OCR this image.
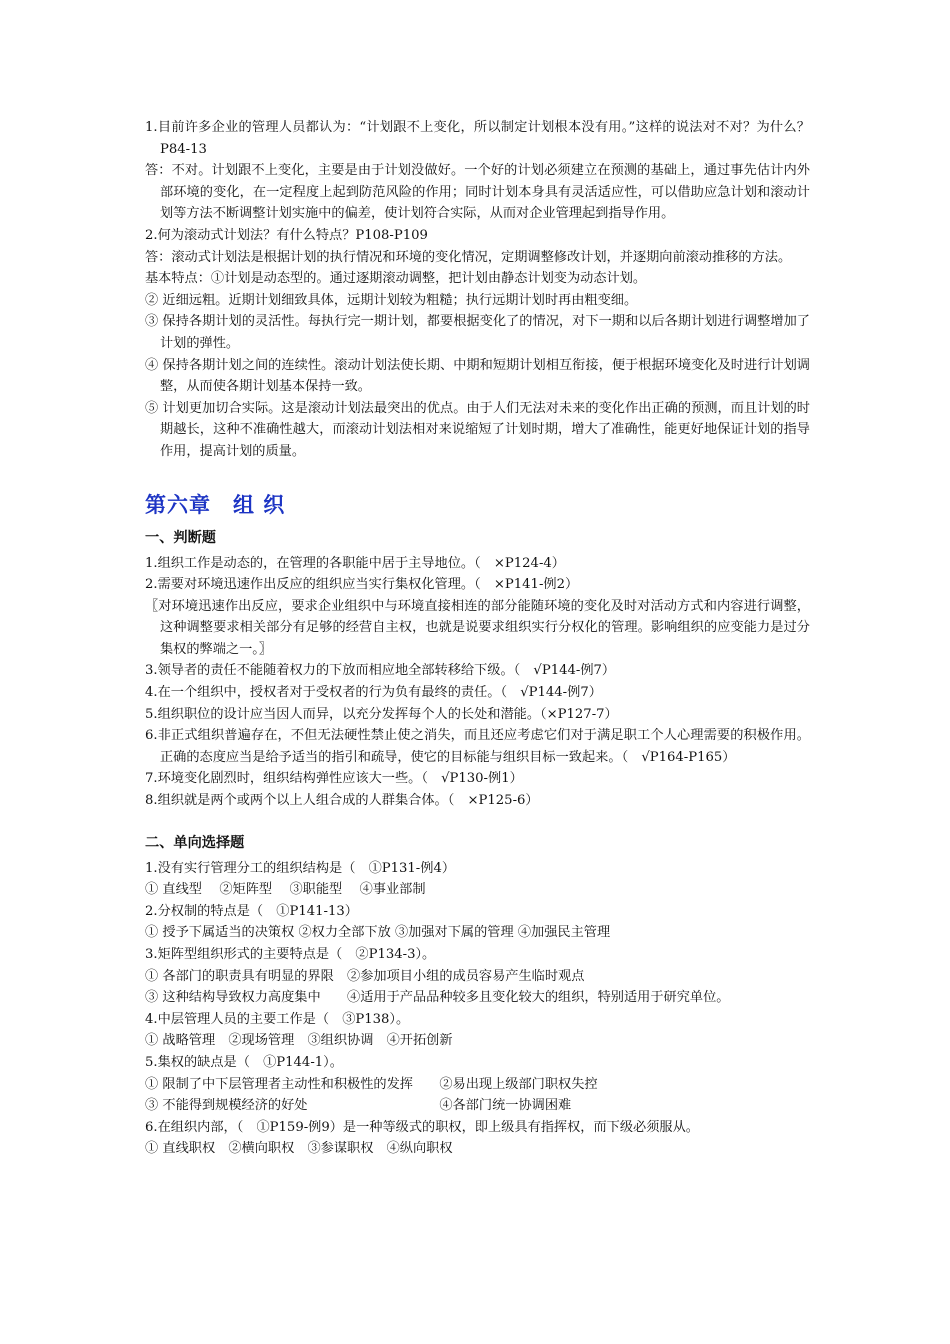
1.目前许多企业的管理人员都认为：“计划跟不上变化，所以制定计划根本没有用。”这样的说法对不对？为什么？P84-13

答：不对。计划跟不上变化，主要是由于计划没做好。一个好的计划必须建立在预测的基础上，通过事先估计内外部环境的变化，在一定程度上起到防范风险的作用；同时计划本身具有灵活适应性，可以借助应急计划和滚动计划等方法不断调整计划实施中的偏差，使计划符合实际，从而对企业管理起到指导作用。

2.何为滚动式计划法？有什么特点？P108-P109

答：滚动式计划法是根据计划的执行情况和环境的变化情况，定期调整修改计划，并逐期向前滚动推移的方法。

基本特点：①计划是动态型的。通过逐期滚动调整，把计划由静态计划变为动态计划。

② 近细远粗。近期计划细致具体，远期计划较为粗糙；执行远期计划时再由粗变细。

③ 保持各期计划的灵活性。每执行完一期计划，都要根据变化了的情况，对下一期和以后各期计划进行调整增加了计划的弹性。

④ 保持各期计划之间的连续性。滚动计划法使长期、中期和短期计划相互衔接，便于根据环境变化及时进行计划调整，从而使各期计划基本保持一致。

⑤ 计划更加切合实际。这是滚动计划法最突出的优点。由于人们无法对未来的变化作出正确的预测，而且计划的时期越长，这种不准确性越大，而滚动计划法相对来说缩短了计划时期，增大了准确性，能更好地保证计划的指导作用，提高计划的质量。

第六章　组 织
一、判断题

1.组织工作是动态的，在管理的各职能中居于主导地位。（　×P124-4）

2.需要对环境迅速作出反应的组织应当实行集权化管理。（　×P141-例2）

〖对环境迅速作出反应，要求企业组织中与环境直接相连的部分能随环境的变化及时对活动方式和内容进行调整，这种调整要求相关部分有足够的经营自主权，也就是说要求组织实行分权化的管理。影响组织的应变能力是过分集权的弊端之一。〗

3.领导者的责任不能随着权力的下放而相应地全部转移给下级。（　√P144-例7）

4.在一个组织中，授权者对于受权者的行为负有最终的责任。（　√P144-例7）

5.组织职位的设计应当因人而异，以充分发挥每个人的长处和潜能。（×P127-7）

6.非正式组织普遍存在，不但无法硬性禁止使之消失，而且还应考虑它们对于满足职工个人心理需要的积极作用。正确的态度应当是给予适当的指引和疏导，使它的目标能与组织目标一致起来。（　√P164-P165）

7.环境变化剧烈时，组织结构弹性应该大一些。（　√P130-例1）

8.组织就是两个或两个以上人组合成的人群集合体。（　×P125-6）

二、单向选择题

1.没有实行管理分工的组织结构是（　①P131-例4）

① 直线型　 ②矩阵型　 ③职能型　 ④事业部制

2.分权制的特点是（　①P141-13）

① 授予下属适当的决策权 ②权力全部下放 ③加强对下属的管理 ④加强民主管理

3.矩阵型组织形式的主要特点是（　②P134-3）。

① 各部门的职责具有明显的界限　②参加项目小组的成员容易产生临时观点

③ 这种结构导致权力高度集中　　④适用于产品品种较多且变化较大的组织，特别适用于研究单位。

4.中层管理人员的主要工作是（　③P138）。

① 战略管理　②现场管理　③组织协调　④开拓创新

5.集权的缺点是（　①P144-1）。

① 限制了中下层管理者主动性和积极性的发挥　　②易出现上级部门职权失控

③ 不能得到规模经济的好处　　　　　　　　　　④各部门统一协调困难

6.在组织内部，（　①P159-例9）是一种等级式的职权，即上级具有指挥权，而下级必须服从。

① 直线职权　②横向职权　③参谋职权　④纵向职权
